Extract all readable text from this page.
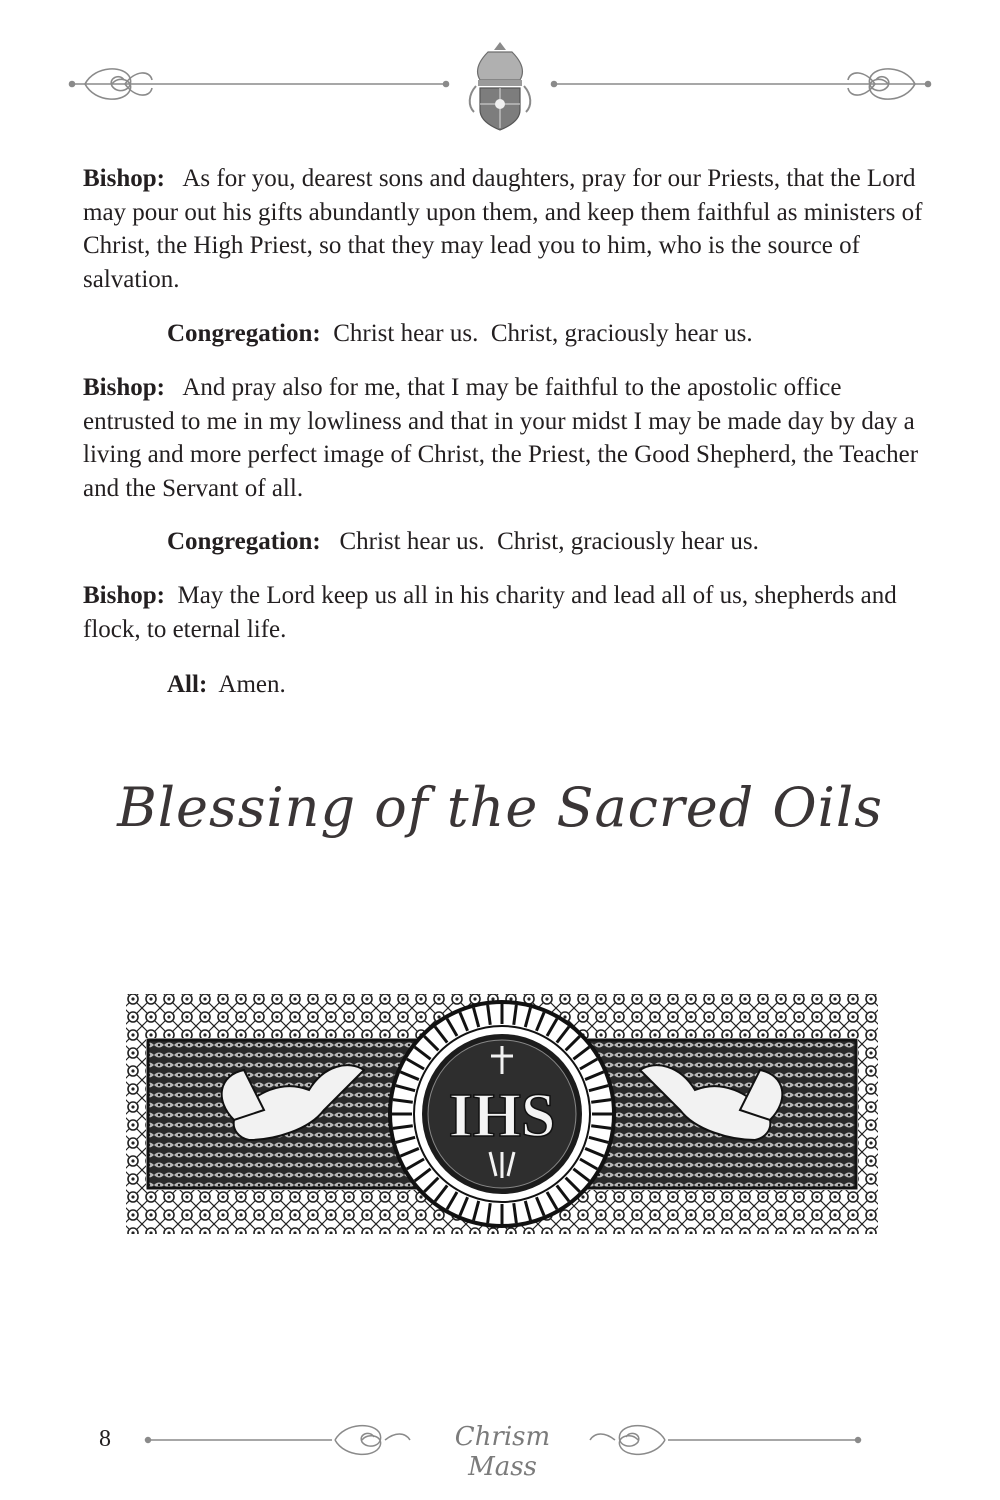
Bishop: As for you, dearest sons and daughters, pray for our Priests, that the Lord may pour out his gifts abundantly upon them, and keep them faithful as ministers of Christ, the High Priest, so that they may lead you to him, who is the source of salvation.
Congregation: Christ hear us.  Christ, graciously hear us.
Bishop: And pray also for me, that I may be faithful to the apostolic office entrusted to me in my lowliness and that in your midst I may be made day by day a living and more perfect image of Christ, the Priest, the Good Shepherd, the Teacher and the Servant of all.
Congregation: Christ hear us.  Christ, graciously hear us.
Bishop: May the Lord keep us all in his charity and lead all of us, shepherds and flock, to eternal life.
All: Amen.
Blessing of the Sacred Oils
IHS
8	Chrism Mass
